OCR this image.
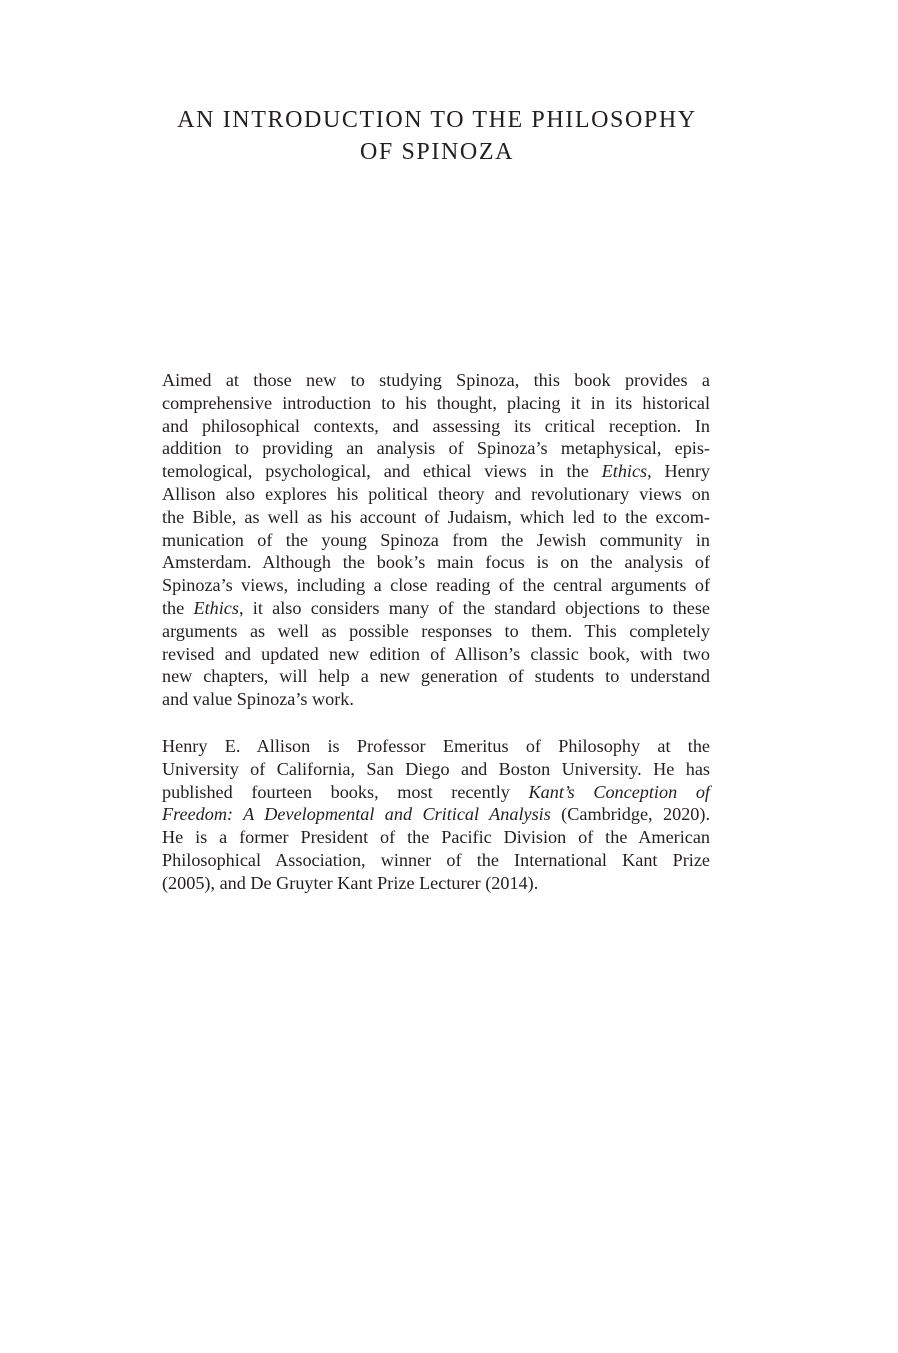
AN INTRODUCTION TO THE PHILOSOPHY
OF SPINOZA
Aimed at those new to studying Spinoza, this book provides a
comprehensive introduction to his thought, placing it in its historical
and philosophical contexts, and assessing its critical reception. In
addition to providing an analysis of Spinoza’s metaphysical, epis-
temological, psychological, and ethical views in the Ethics, Henry
Allison also explores his political theory and revolutionary views on
the Bible, as well as his account of Judaism, which led to the excom-
munication of the young Spinoza from the Jewish community in
Amsterdam. Although the book’s main focus is on the analysis of
Spinoza’s views, including a close reading of the central arguments of
the Ethics, it also considers many of the standard objections to these
arguments as well as possible responses to them. This completely
revised and updated new edition of Allison’s classic book, with two
new chapters, will help a new generation of students to understand
and value Spinoza’s work.
Henry E. Allison is Professor Emeritus of Philosophy at the
University of California, San Diego and Boston University. He has
published fourteen books, most recently Kant’s Conception of
Freedom: A Developmental and Critical Analysis (Cambridge, 2020).
He is a former President of the Pacific Division of the American
Philosophical Association, winner of the International Kant Prize
(2005), and De Gruyter Kant Prize Lecturer (2014).
